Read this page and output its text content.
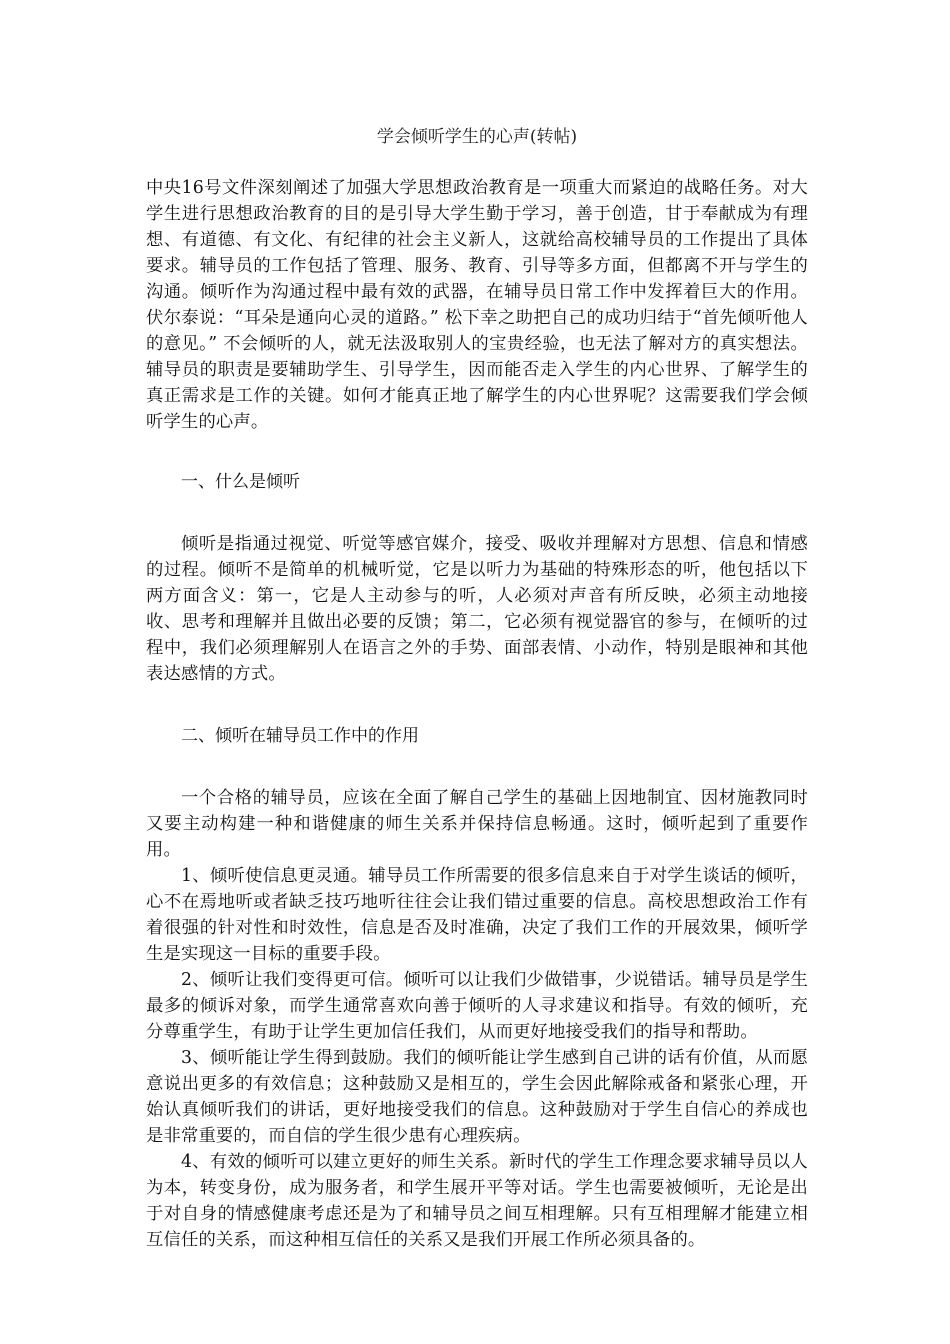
学会倾听学生的心声(转帖)

中央16号文件深刻阐述了加强大学思想政治教育是一项重大而紧迫的战略任务。对大学生进行思想政治教育的目的是引导大学生勤于学习，善于创造，甘于奉献成为有理想、有道德、有文化、有纪律的社会主义新人，这就给高校辅导员的工作提出了具体要求。辅导员的工作包括了管理、服务、教育、引导等多方面，但都离不开与学生的沟通。倾听作为沟通过程中最有效的武器，在辅导员日常工作中发挥着巨大的作用。伏尔泰说：“耳朵是通向心灵的道路。” 松下幸之助把自己的成功归结于“首先倾听他人的意见。” 不会倾听的人，就无法汲取别人的宝贵经验，也无法了解对方的真实想法。辅导员的职责是要辅助学生、引导学生，因而能否走入学生的内心世界、了解学生的真正需求是工作的关键。如何才能真正地了解学生的内心世界呢？这需要我们学会倾听学生的心声。

一、什么是倾听

倾听是指通过视觉、听觉等感官媒介，接受、吸收并理解对方思想、信息和情感的过程。倾听不是简单的机械听觉，它是以听力为基础的特殊形态的听，他包括以下两方面含义：第一，它是人主动参与的听，人必须对声音有所反映，必须主动地接收、思考和理解并且做出必要的反馈；第二，它必须有视觉器官的参与，在倾听的过程中，我们必须理解别人在语言之外的手势、面部表情、小动作，特别是眼神和其他表达感情的方式。

二、倾听在辅导员工作中的作用

一个合格的辅导员，应该在全面了解自己学生的基础上因地制宜、因材施教同时又要主动构建一种和谐健康的师生关系并保持信息畅通。这时，倾听起到了重要作用。

1、倾听使信息更灵通。辅导员工作所需要的很多信息来自于对学生谈话的倾听，心不在焉地听或者缺乏技巧地听往往会让我们错过重要的信息。高校思想政治工作有着很强的针对性和时效性，信息是否及时准确，决定了我们工作的开展效果，倾听学生是实现这一目标的重要手段。

2、倾听让我们变得更可信。倾听可以让我们少做错事，少说错话。辅导员是学生最多的倾诉对象，而学生通常喜欢向善于倾听的人寻求建议和指导。有效的倾听，充分尊重学生，有助于让学生更加信任我们，从而更好地接受我们的指导和帮助。

3、倾听能让学生得到鼓励。我们的倾听能让学生感到自己讲的话有价值，从而愿意说出更多的有效信息；这种鼓励又是相互的，学生会因此解除戒备和紧张心理，开始认真倾听我们的讲话，更好地接受我们的信息。这种鼓励对于学生自信心的养成也是非常重要的，而自信的学生很少患有心理疾病。

4、有效的倾听可以建立更好的师生关系。新时代的学生工作理念要求辅导员以人为本，转变身份，成为服务者，和学生展开平等对话。学生也需要被倾听，无论是出于对自身的情感健康考虑还是为了和辅导员之间互相理解。只有互相理解才能建立相互信任的关系，而这种相互信任的关系又是我们开展工作所必须具备的。
